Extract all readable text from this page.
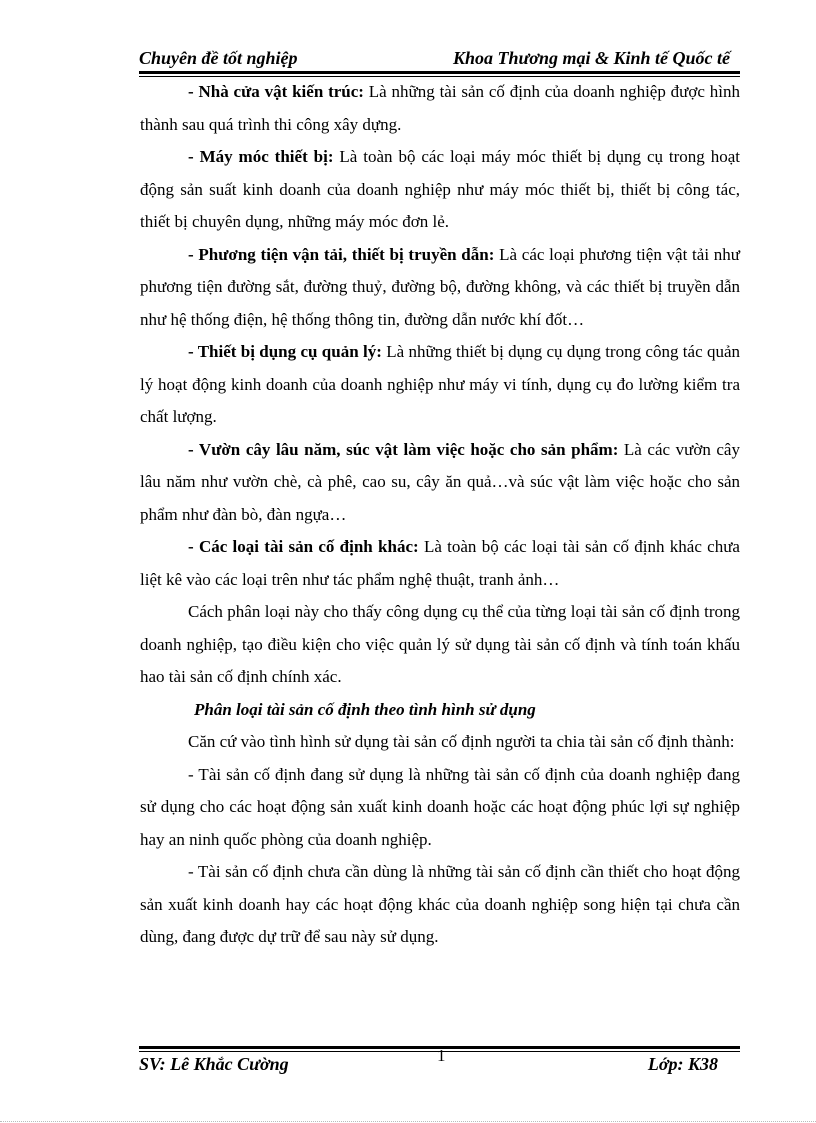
Chuyên đề tốt nghiệp	Khoa Thương mại & Kinh tế Quốc tế

- Nhà cửa vật kiến trúc: Là những tài sản cố định của doanh nghiệp được hình thành sau quá trình thi công xây dựng.

- Máy móc thiết bị: Là toàn bộ các loại máy móc thiết bị dụng cụ trong hoạt động sản suất kinh doanh của doanh nghiệp như máy móc thiết bị, thiết bị công tác, thiết bị chuyên dụng, những máy móc đơn lẻ.

- Phương tiện vận tải, thiết bị truyền dẫn: Là các loại phương tiện vật tải như phương tiện đường sắt, đường thuỷ, đường bộ, đường không, và các thiết bị truyền dẫn như hệ thống điện, hệ thống thông tin, đường dẫn nước khí đốt…

- Thiết bị dụng cụ quản lý: Là những thiết bị dụng cụ dụng trong công tác quản lý hoạt động kinh doanh của doanh nghiệp như máy vi tính, dụng cụ đo lường kiểm tra chất lượng.

- Vườn cây lâu năm, súc vật làm việc hoặc cho sản phẩm: Là các vườn cây lâu năm như vườn chè, cà phê, cao su, cây ăn quả…và súc vật làm việc hoặc cho sản phẩm như đàn bò, đàn ngựa…

- Các loại tài sản cố định khác: Là toàn bộ các loại tài sản cố định khác chưa liệt kê vào các loại trên như tác phẩm nghệ thuật, tranh ảnh…

Cách phân loại này cho thấy công dụng cụ thể của từng loại tài sản cố định trong doanh nghiệp, tạo điều kiện cho việc quản lý sử dụng tài sản cố định và tính toán khấu hao tài sản cố định chính xác.

Phân loại tài sản cố định theo tình hình sử dụng

Căn cứ vào tình hình sử dụng tài sản cố định người ta chia tài sản cố định thành:

- Tài sản cố định đang sử dụng là những tài sản cố định của doanh nghiệp đang sử dụng cho các hoạt động sản xuất kinh doanh hoặc các hoạt động phúc lợi sự nghiệp hay an ninh quốc phòng của doanh nghiệp.

- Tài sản cố định chưa cần dùng là những tài sản cố định cần thiết cho hoạt động sản xuất kinh doanh hay các hoạt động khác của doanh nghiệp song hiện tại chưa cần dùng, đang được dự trữ để sau này sử dụng.

SV: Lê Khắc Cường	1	Lớp: K38
